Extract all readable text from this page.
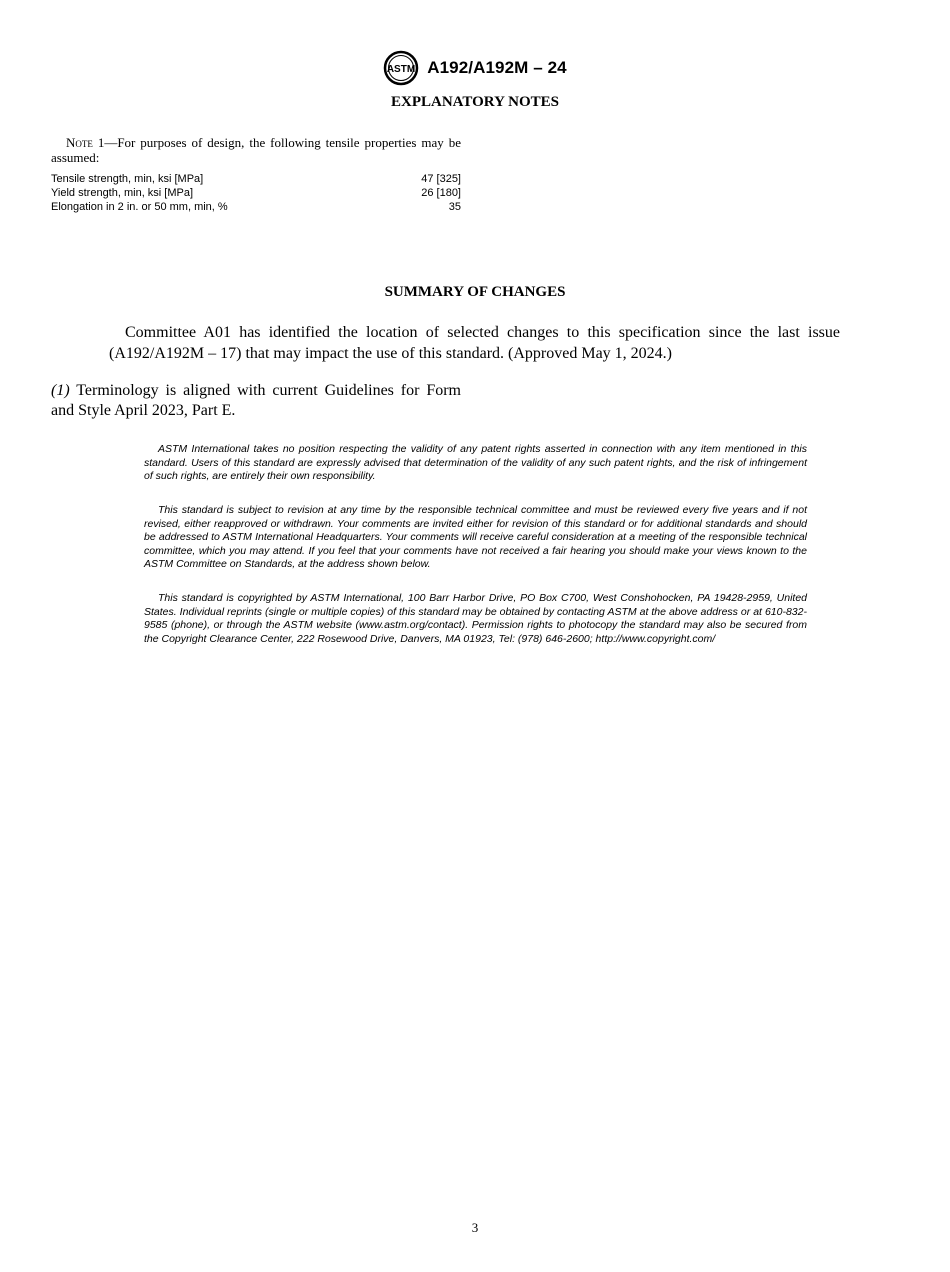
ASTM A192/A192M – 24
EXPLANATORY NOTES
Note 1—For purposes of design, the following tensile properties may be assumed:
Tensile strength, min, ksi [MPa]	47 [325]
Yield strength, min, ksi [MPa]	26 [180]
Elongation in 2 in. or 50 mm, min, %	35
SUMMARY OF CHANGES
Committee A01 has identified the location of selected changes to this specification since the last issue (A192/A192M – 17) that may impact the use of this standard. (Approved May 1, 2024.)
(1) Terminology is aligned with current Guidelines for Form and Style April 2023, Part E.
ASTM International takes no position respecting the validity of any patent rights asserted in connection with any item mentioned in this standard. Users of this standard are expressly advised that determination of the validity of any such patent rights, and the risk of infringement of such rights, are entirely their own responsibility.
This standard is subject to revision at any time by the responsible technical committee and must be reviewed every five years and if not revised, either reapproved or withdrawn. Your comments are invited either for revision of this standard or for additional standards and should be addressed to ASTM International Headquarters. Your comments will receive careful consideration at a meeting of the responsible technical committee, which you may attend. If you feel that your comments have not received a fair hearing you should make your views known to the ASTM Committee on Standards, at the address shown below.
This standard is copyrighted by ASTM International, 100 Barr Harbor Drive, PO Box C700, West Conshohocken, PA 19428-2959, United States. Individual reprints (single or multiple copies) of this standard may be obtained by contacting ASTM at the above address or at 610-832-9585 (phone), or through the ASTM website (www.astm.org/contact). Permission rights to photocopy the standard may also be secured from the Copyright Clearance Center, 222 Rosewood Drive, Danvers, MA 01923, Tel: (978) 646-2600; http://www.copyright.com/
3
